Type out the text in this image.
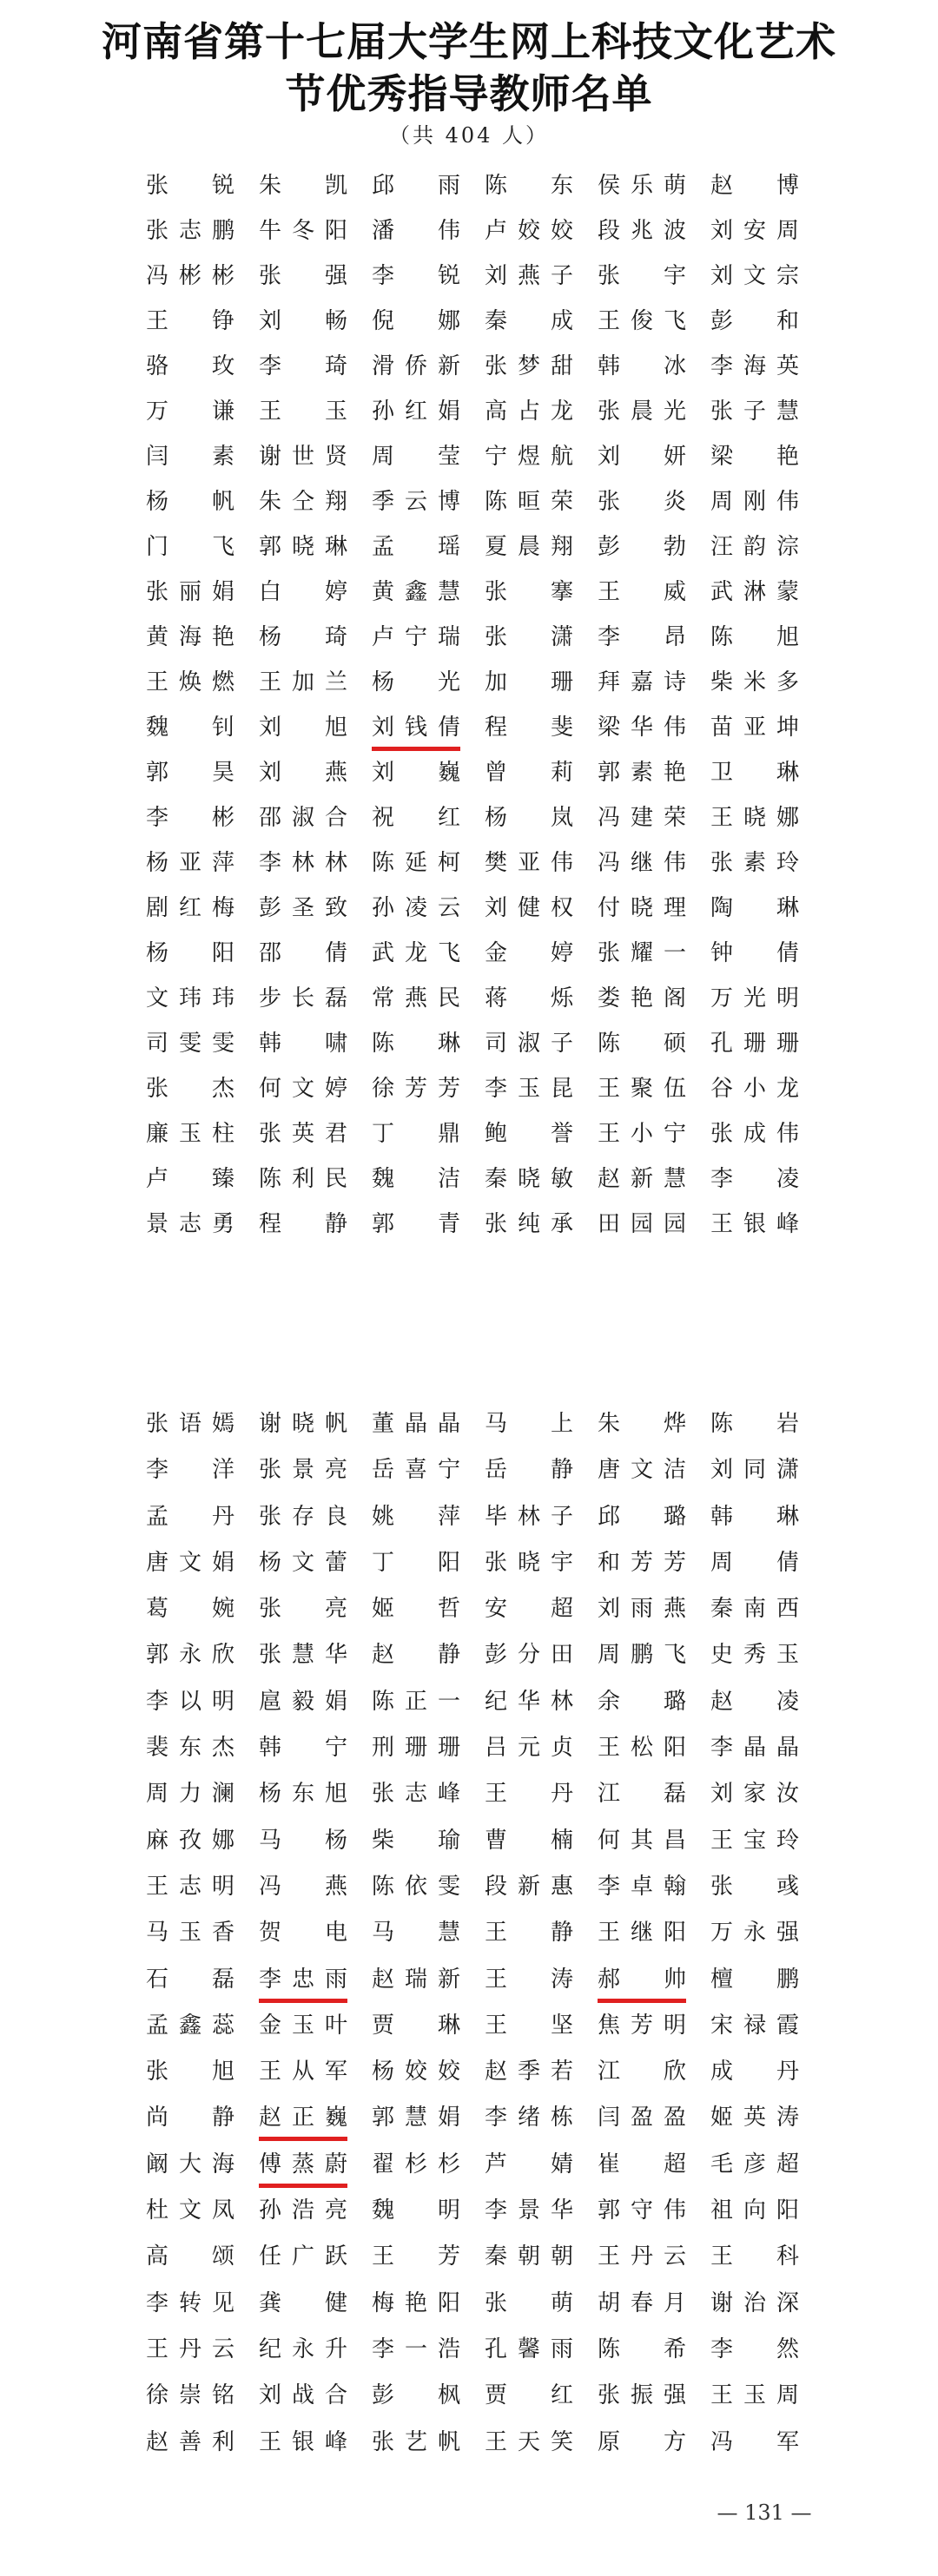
河南省第十七届大学生网上科技文化艺术
节优秀指导教师名单
（共 404 人）
张 锐 朱 凯 邱 雨 陈 东 侯乐萌 赵 博
张志鹏 牛冬阳 潘 伟 卢姣姣 段兆波 刘安周
冯彬彬 张 强 李 锐 刘燕子 张 宇 刘文宗
王 铮 刘 畅 倪 娜 秦 成 王俊飞 彭 和
骆 玫 李 琦 滑侨新 张梦甜 韩 冰 李海英
万 谦 王 玉 孙红娟 高占龙 张晨光 张子慧
闫 素 谢世贤 周 莹 宁煜航 刘 妍 梁 艳
杨 帆 朱仝翔 季云博 陈晅荣 张 炎 周刚伟
门 飞 郭晓琳 孟 瑶 夏晨翔 彭 勃 汪韵淙
张丽娟 白 婷 黄鑫慧 张 搴 王 威 武淋蒙
黄海艳 杨 琦 卢宁瑞 张 潇 李 昂 陈 旭
王焕燃 王加兰 杨 光 加 珊 拜嘉诗 柴米多
魏 钊 刘 旭 刘钱倩 程 斐 梁华伟 苗亚坤
郭 昊 刘 燕 刘 巍 曾 莉 郭素艳 卫 琳
李 彬 邵淑合 祝 红 杨 岚 冯建荣 王晓娜
杨亚萍 李林林 陈延柯 樊亚伟 冯继伟 张素玲
剧红梅 彭圣致 孙凌云 刘健权 付晓理 陶 琳
杨 阳 邵 倩 武龙飞 金 婷 张耀一 钟 倩
文玮玮 步长磊 常燕民 蒋 烁 娄艳阁 万光明
司雯雯 韩 啸 陈 琳 司淑子 陈 硕 孔珊珊
张 杰 何文婷 徐芳芳 李玉昆 王聚伍 谷小龙
廉玉柱 张英君 丁 鼎 鲍 誉 王小宁 张成伟
卢 臻 陈利民 魏 洁 秦晓敏 赵新慧 李 凌
景志勇 程 静 郭 青 张纯承 田园园 王银峰
张语嫣 谢晓帆 董晶晶 马 上 朱 烨 陈 岩
李 洋 张景亮 岳喜宁 岳 静 唐文洁 刘同潇
孟 丹 张存良 姚 萍 毕林子 邱 璐 韩 琳
唐文娟 杨文蕾 丁 阳 张晓宇 和芳芳 周 倩
葛 婉 张 亮 姬 哲 安 超 刘雨燕 秦南西
郭永欣 张慧华 赵 静 彭分田 周鹏飞 史秀玉
李以明 扈毅娟 陈正一 纪华林 余 璐 赵 凌
裴东杰 韩 宁 刑珊珊 吕元贞 王松阳 李晶晶
周力澜 杨东旭 张志峰 王 丹 江 磊 刘家汝
麻孜娜 马 杨 柴 瑜 曹 楠 何其昌 王宝玲
王志明 冯 燕 陈依雯 段新惠 李卓翰 张 彧
马玉香 贺 电 马 慧 王 静 王继阳 万永强
石 磊 李忠雨 赵瑞新 王 涛 郝 帅 檀 鹏
孟鑫蕊 金玉叶 贾 琳 王 坚 焦芳明 宋禄霞
张 旭 王从军 杨姣姣 赵季若 江 欣 成 丹
尚 静 赵正巍 郭慧娟 李绪栋 闫盈盈 姬英涛
阚大海 傅蒸蔚 翟杉杉 芦 婧 崔 超 毛彦超
杜文凤 孙浩亮 魏 明 李景华 郭守伟 祖向阳
高 颂 任广跃 王 芳 秦朝朝 王丹云 王 科
李转见 龚 健 梅艳阳 张 萌 胡春月 谢治深
王丹云 纪永升 李一浩 孔馨雨 陈 希 李 然
徐崇铭 刘战合 彭 枫 贾 红 张振强 王玉周
赵善利 王银峰 张艺帆 王天笑 原 方 冯 军
— 131 —
